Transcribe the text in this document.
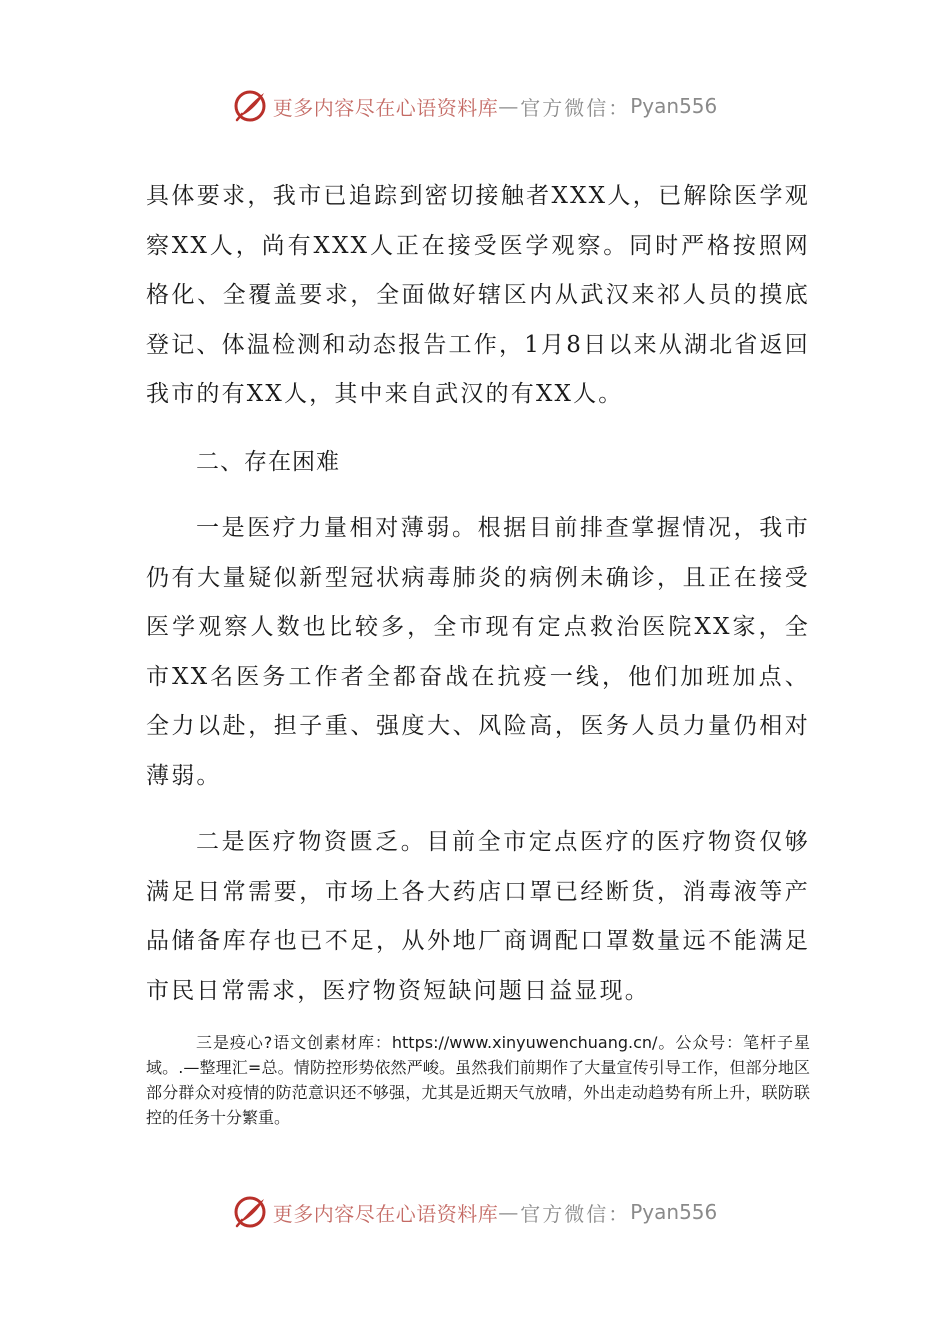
更多内容尽在心语资料库 — 官方微信： Pyan556

具体要求，我市已追踪到密切接触者XXX人，已解除医学观察XX人，尚有XXX人正在接受医学观察。同时严格按照网格化、全覆盖要求，全面做好辖区内从武汉来祁人员的摸底登记、体温检测和动态报告工作，1月8日以来从湖北省返回我市的有XX人，其中来自武汉的有XX人。

二、存在困难

一是医疗力量相对薄弱。根据目前排查掌握情况，我市仍有大量疑似新型冠状病毒肺炎的病例未确诊，且正在接受医学观察人数也比较多，全市现有定点救治医院XX家，全市XX名医务工作者全都奋战在抗疫一线，他们加班加点、全力以赴，担子重、强度大、风险高，医务人员力量仍相对薄弱。

二是医疗物资匮乏。目前全市定点医疗的医疗物资仅够满足日常需要，市场上各大药店口罩已经断货，消毒液等产品储备库存也已不足，从外地厂商调配口罩数量远不能满足市民日常需求，医疗物资短缺问题日益显现。

三是疫心?语文创素材库：https://www.xinyuwenchuang.cn/。公众号：笔杆子星域。.—整理汇=总。情防控形势依然严峻。虽然我们前期作了大量宣传引导工作，但部分地区部分群众对疫情的防范意识还不够强，尤其是近期天气放晴，外出走动趋势有所上升，联防联控的任务十分繁重。

更多内容尽在心语资料库 — 官方微信： Pyan556
